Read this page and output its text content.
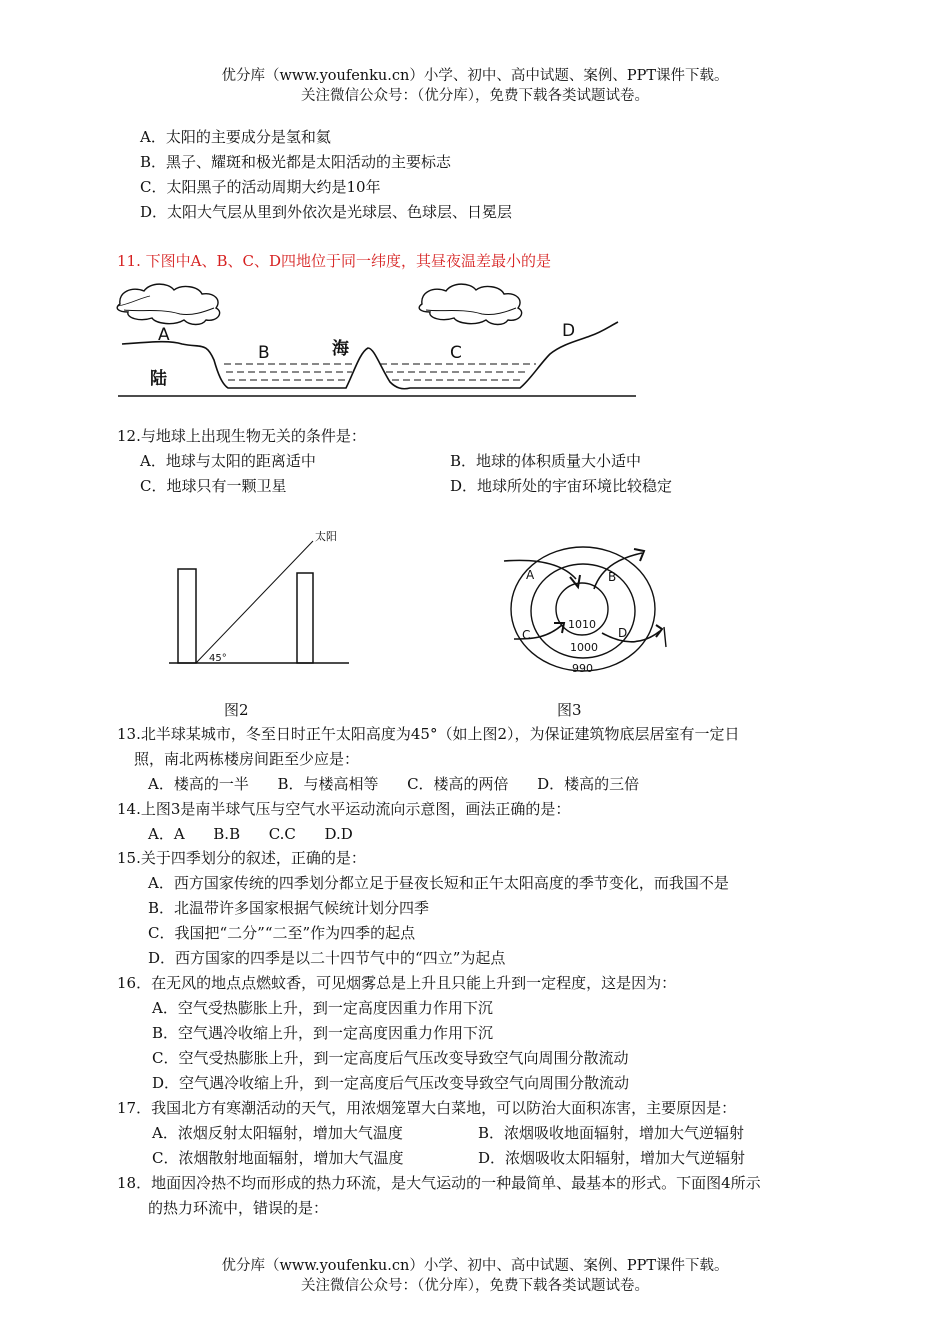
优分库（www.youfenku.cn）小学、初中、高中试题、案例、PPT课件下载。
关注微信公众号：（优分库），免费下载各类试题试卷。
A．太阳的主要成分是氢和氦
B．黑子、耀斑和极光都是太阳活动的主要标志
C．太阳黑子的活动周期大约是10年
D．太阳大气层从里到外依次是光球层、色球层、日冕层
11. 下图中A、B、C、D四地位于同一纬度，其昼夜温差最小的是
A
B	海	C
D
陆
12.与地球上出现生物无关的条件是：
A．地球与太阳的距离适中	B．地球的体积质量大小适中
C．地球只有一颗卫星	D．地球所处的宇宙环境比较稳定
太阳
45°
图2
A	B
C	D
1010
1000
990
图3
13.北半球某城市，冬至日时正午太阳高度为45°（如上图2），为保证建筑物底层居室有一定日
照，南北两栋楼房间距至少应是：
A．楼高的一半      B．与楼高相等      C．楼高的两倍      D．楼高的三倍
14.上图3是南半球气压与空气水平运动流向示意图，画法正确的是：
A．A      B.B      C.C      D.D
15.关于四季划分的叙述，正确的是：
A．西方国家传统的四季划分都立足于昼夜长短和正午太阳高度的季节变化，而我国不是
B．北温带许多国家根据气候统计划分四季
C．我国把“二分”“二至”作为四季的起点
D．西方国家的四季是以二十四节气中的“四立”为起点
16．在无风的地点点燃蚊香，可见烟雾总是上升且只能上升到一定程度，这是因为：
A．空气受热膨胀上升，到一定高度因重力作用下沉
B．空气遇冷收缩上升，到一定高度因重力作用下沉
C．空气受热膨胀上升，到一定高度后气压改变导致空气向周围分散流动
D．空气遇冷收缩上升，到一定高度后气压改变导致空气向周围分散流动
17．我国北方有寒潮活动的天气，用浓烟笼罩大白菜地，可以防治大面积冻害，主要原因是：
A．浓烟反射太阳辐射，增加大气温度	B．浓烟吸收地面辐射，增加大气逆辐射
C．浓烟散射地面辐射，增加大气温度	D．浓烟吸收太阳辐射，增加大气逆辐射
18．地面因冷热不均而形成的热力环流，是大气运动的一种最简单、最基本的形式。下面图4所示
的热力环流中，错误的是：
优分库（www.youfenku.cn）小学、初中、高中试题、案例、PPT课件下载。
关注微信公众号：（优分库），免费下载各类试题试卷。
